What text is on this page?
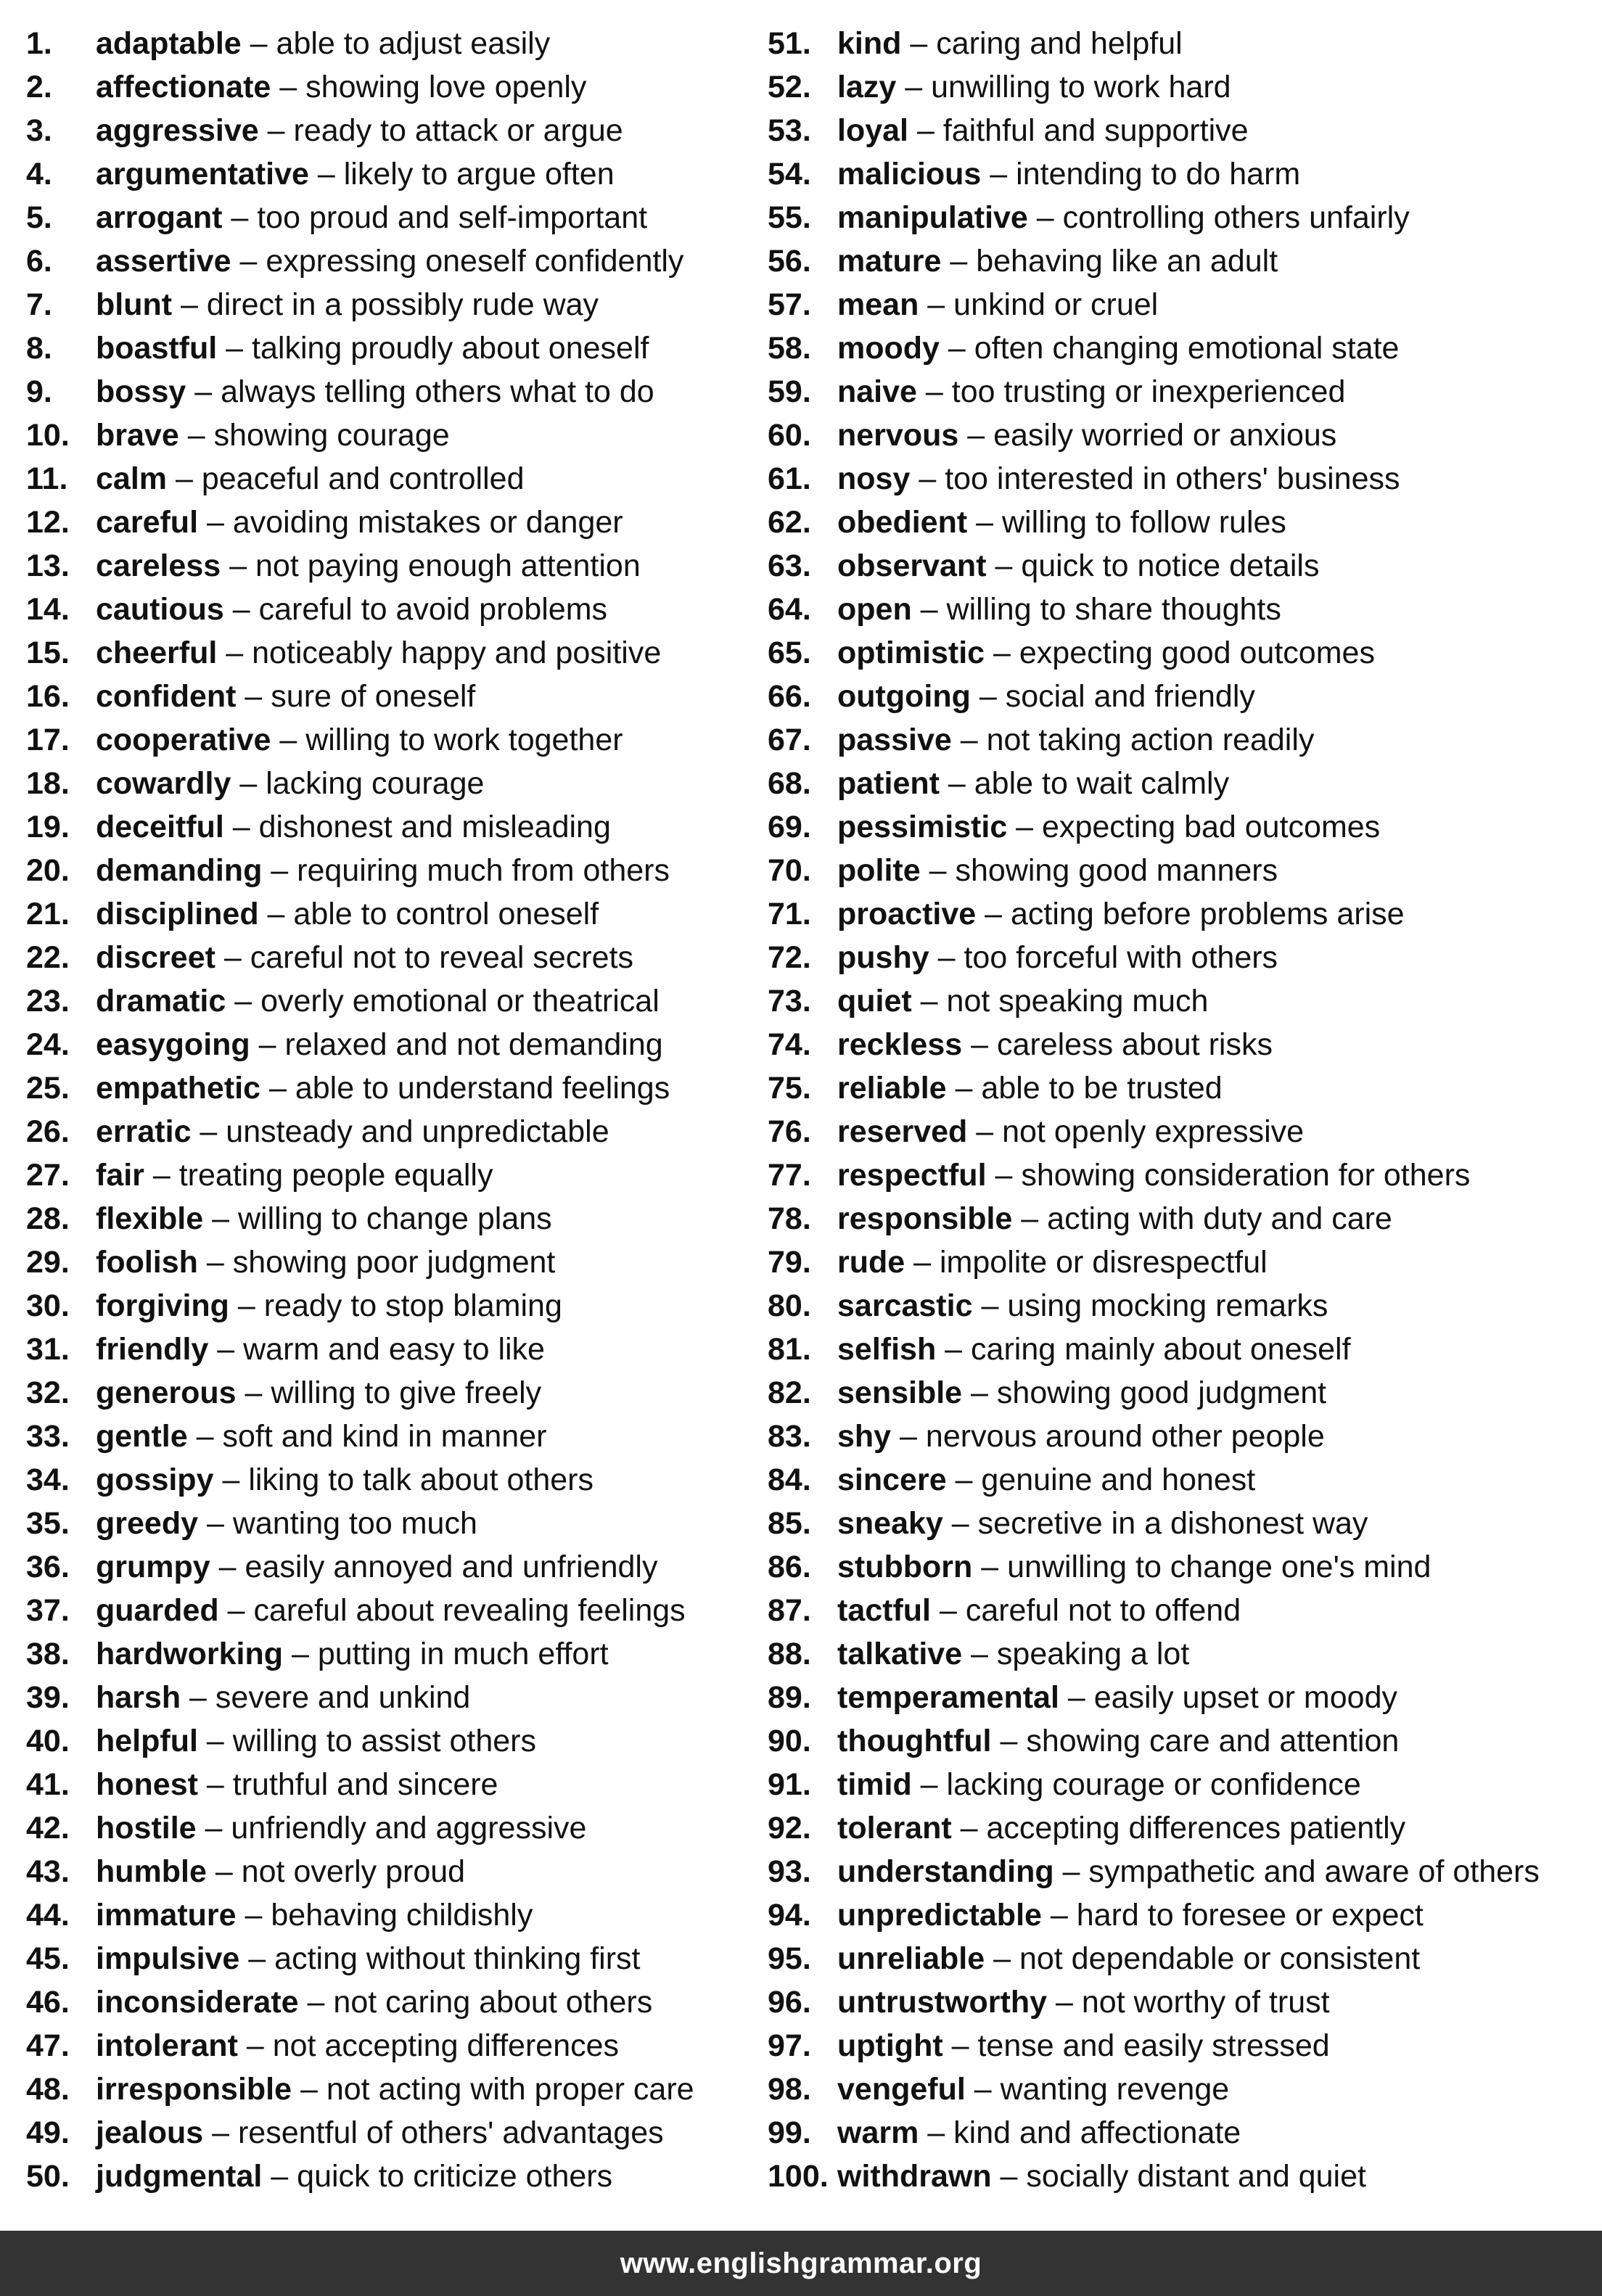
1.	adaptable – able to adjust easily
2.	affectionate – showing love openly
3.	aggressive – ready to attack or argue
4.	argumentative – likely to argue often
5.	arrogant – too proud and self-important
6.	assertive – expressing oneself confidently
7.	blunt – direct in a possibly rude way
8.	boastful – talking proudly about oneself
9.	bossy – always telling others what to do
10. brave – showing courage
11. calm – peaceful and controlled
12. careful – avoiding mistakes or danger
13. careless – not paying enough attention
14. cautious – careful to avoid problems
15. cheerful – noticeably happy and positive
16. confident – sure of oneself
17. cooperative – willing to work together
18. cowardly – lacking courage
19. deceitful – dishonest and misleading
20. demanding – requiring much from others
21. disciplined – able to control oneself
22. discreet – careful not to reveal secrets
23. dramatic – overly emotional or theatrical
24. easygoing – relaxed and not demanding
25. empathetic – able to understand feelings
26. erratic – unsteady and unpredictable
27. fair – treating people equally
28. flexible – willing to change plans
29. foolish – showing poor judgment
30. forgiving – ready to stop blaming
31. friendly – warm and easy to like
32. generous – willing to give freely
33. gentle – soft and kind in manner
34. gossipy – liking to talk about others
35. greedy – wanting too much
36. grumpy – easily annoyed and unfriendly
37. guarded – careful about revealing feelings
38. hardworking – putting in much effort
39. harsh – severe and unkind
40. helpful – willing to assist others
41. honest – truthful and sincere
42. hostile – unfriendly and aggressive
43. humble – not overly proud
44. immature – behaving childishly
45. impulsive – acting without thinking first
46. inconsiderate – not caring about others
47. intolerant – not accepting differences
48. irresponsible – not acting with proper care
49. jealous – resentful of others' advantages
50. judgmental – quick to criticize others
51. kind – caring and helpful
52. lazy – unwilling to work hard
53. loyal – faithful and supportive
54. malicious – intending to do harm
55. manipulative – controlling others unfairly
56. mature – behaving like an adult
57. mean – unkind or cruel
58. moody – often changing emotional state
59. naive – too trusting or inexperienced
60. nervous – easily worried or anxious
61. nosy – too interested in others' business
62. obedient – willing to follow rules
63. observant – quick to notice details
64. open – willing to share thoughts
65. optimistic – expecting good outcomes
66. outgoing – social and friendly
67. passive – not taking action readily
68. patient – able to wait calmly
69. pessimistic – expecting bad outcomes
70. polite – showing good manners
71. proactive – acting before problems arise
72. pushy – too forceful with others
73. quiet – not speaking much
74. reckless – careless about risks
75. reliable – able to be trusted
76. reserved – not openly expressive
77. respectful – showing consideration for others
78. responsible – acting with duty and care
79. rude – impolite or disrespectful
80. sarcastic – using mocking remarks
81. selfish – caring mainly about oneself
82. sensible – showing good judgment
83. shy – nervous around other people
84. sincere – genuine and honest
85. sneaky – secretive in a dishonest way
86. stubborn – unwilling to change one's mind
87. tactful – careful not to offend
88. talkative – speaking a lot
89. temperamental – easily upset or moody
90. thoughtful – showing care and attention
91. timid – lacking courage or confidence
92. tolerant – accepting differences patiently
93. understanding – sympathetic and aware of others
94. unpredictable – hard to foresee or expect
95. unreliable – not dependable or consistent
96. untrustworthy – not worthy of trust
97. uptight – tense and easily stressed
98. vengeful – wanting revenge
99. warm – kind and affectionate
100. withdrawn – socially distant and quiet
www.englishgrammar.org
